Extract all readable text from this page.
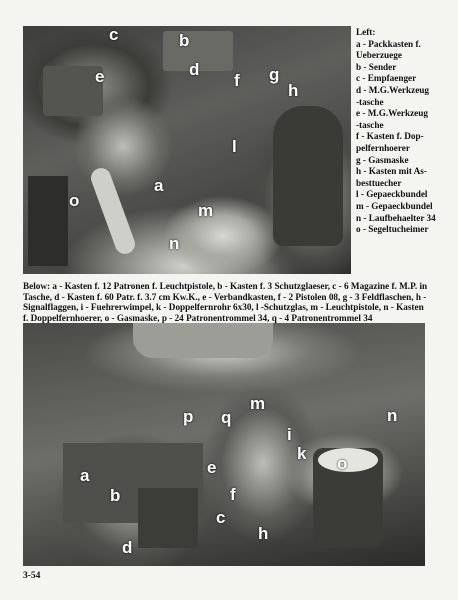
c	b
d
e	f g
h
l
a
o
m
n
Left:
a - Packkasten f.
Ueberzuege
b - Sender
c - Empfaenger
d - M.G.Werkzeug
-tasche
e - M.G.Werkzeug
-tasche
f - Kasten f. Dop-
pelfernhoerer
g - Gasmaske
h - Kasten mit As-
besttuecher
l - Gepaeckbundel
m - Gepaeckbundel
n - Laufbehaelter 34
o - Segeltucheimer
Below: a - Kasten f. 12 Patronen f. Leuchtpistole, b - Kasten f. 3 Schutzglaeser, c - 6 Magazine f. M.P. in Tasche, d - Kasten f. 60 Patr. f. 3.7 cm Kw.K., e - Verbandkasten, f - 2 Pistolen 08, g - 3 Feldflaschen, h - Signalflaggen, i - Fuehrerwimpel, k - Doppelfernrohr 6x30, l -Schutzglas, m - Leuchtpistole, n - Kasten f. Doppelfernhoerer, o - Gasmaske, p - 24 Patronentrommel 34, q - 4 Patronentrommel 34
p q
m
n
i
k
o
e
a
b	f
c
d
h
3-54
